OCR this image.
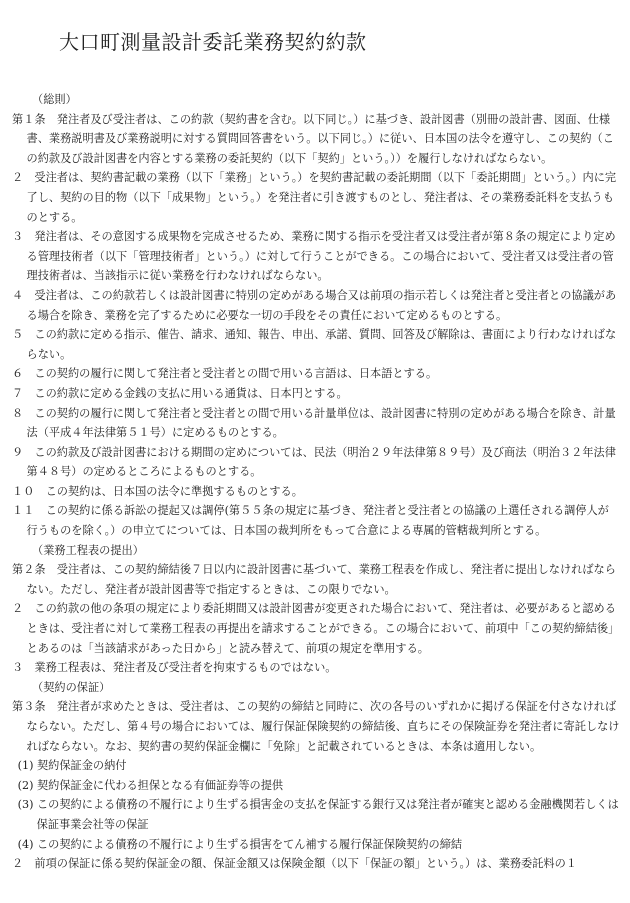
大口町測量設計委託業務契約約款

（総則）

第１条　発注者及び受注者は、この約款（契約書を含む。以下同じ。）に基づき、設計図書（別冊の設計書、図面、仕様書、業務説明書及び業務説明に対する質問回答書をいう。以下同じ。）に従い、日本国の法令を遵守し、この契約（この約款及び設計図書を内容とする業務の委託契約（以下「契約」という。））を履行しなければならない。

２　受注者は、契約書記載の業務（以下「業務」という。）を契約書記載の委託期間（以下「委託期間」という。）内に完了し、契約の目的物（以下「成果物」という。）を発注者に引き渡すものとし、発注者は、その業務委託料を支払うものとする。

３　発注者は、その意図する成果物を完成させるため、業務に関する指示を受注者又は受注者が第８条の規定により定める管理技術者（以下「管理技術者」という。）に対して行うことができる。この場合において、受注者又は受注者の管理技術者は、当該指示に従い業務を行わなければならない。

４　受注者は、この約款若しくは設計図書に特別の定めがある場合又は前項の指示若しくは発注者と受注者との協議がある場合を除き、業務を完了するために必要な一切の手段をその責任において定めるものとする。

５　この約款に定める指示、催告、請求、通知、報告、申出、承諾、質問、回答及び解除は、書面により行わなければならない。

６　この契約の履行に関して発注者と受注者との間で用いる言語は、日本語とする。

７　この約款に定める金銭の支払に用いる通貨は、日本円とする。

８　この契約の履行に関して発注者と受注者との間で用いる計量単位は、設計図書に特別の定めがある場合を除き、計量法（平成４年法律第５１号）に定めるものとする。

９　この約款及び設計図書における期間の定めについては、民法（明治２９年法律第８９号）及び商法（明治３２年法律第４８号）の定めるところによるものとする。

１０　この契約は、日本国の法令に準拠するものとする。

１１　この契約に係る訴訟の提起又は調停(第５５条の規定に基づき、発注者と受注者との協議の上選任される調停人が行うものを除く。）の申立てについては、日本国の裁判所をもって合意による専属的管轄裁判所とする。

（業務工程表の提出）

第２条　受注者は、この契約締結後７日以内に設計図書に基づいて、業務工程表を作成し、発注者に提出しなければならない。ただし、発注者が設計図書等で指定するときは、この限りでない。

２　この約款の他の条項の規定により委託期間又は設計図書が変更された場合において、発注者は、必要があると認めるときは、受注者に対して業務工程表の再提出を請求することができる。この場合において、前項中「この契約締結後」とあるのは「当該請求があった日から」と読み替えて、前項の規定を準用する。

３　業務工程表は、発注者及び受注者を拘束するものではない。

（契約の保証）

第３条　発注者が求めたときは、受注者は、この契約の締結と同時に、次の各号のいずれかに掲げる保証を付さなければならない。ただし、第４号の場合においては、履行保証保険契約の締結後、直ちにその保険証券を発注者に寄託しなければならない。なお、契約書の契約保証金欄に「免除」と記載されているときは、本条は適用しない。

(1) 契約保証金の納付

(2) 契約保証金に代わる担保となる有価証券等の提供

(3) この契約による債務の不履行により生ずる損害金の支払を保証する銀行又は発注者が確実と認める金融機関若しくは保証事業会社等の保証

(4) この契約による債務の不履行により生ずる損害をてん補する履行保証保険契約の締結

２　前項の保証に係る契約保証金の額、保証金額又は保険金額（以下「保証の額」という。）は、業務委託料の１
